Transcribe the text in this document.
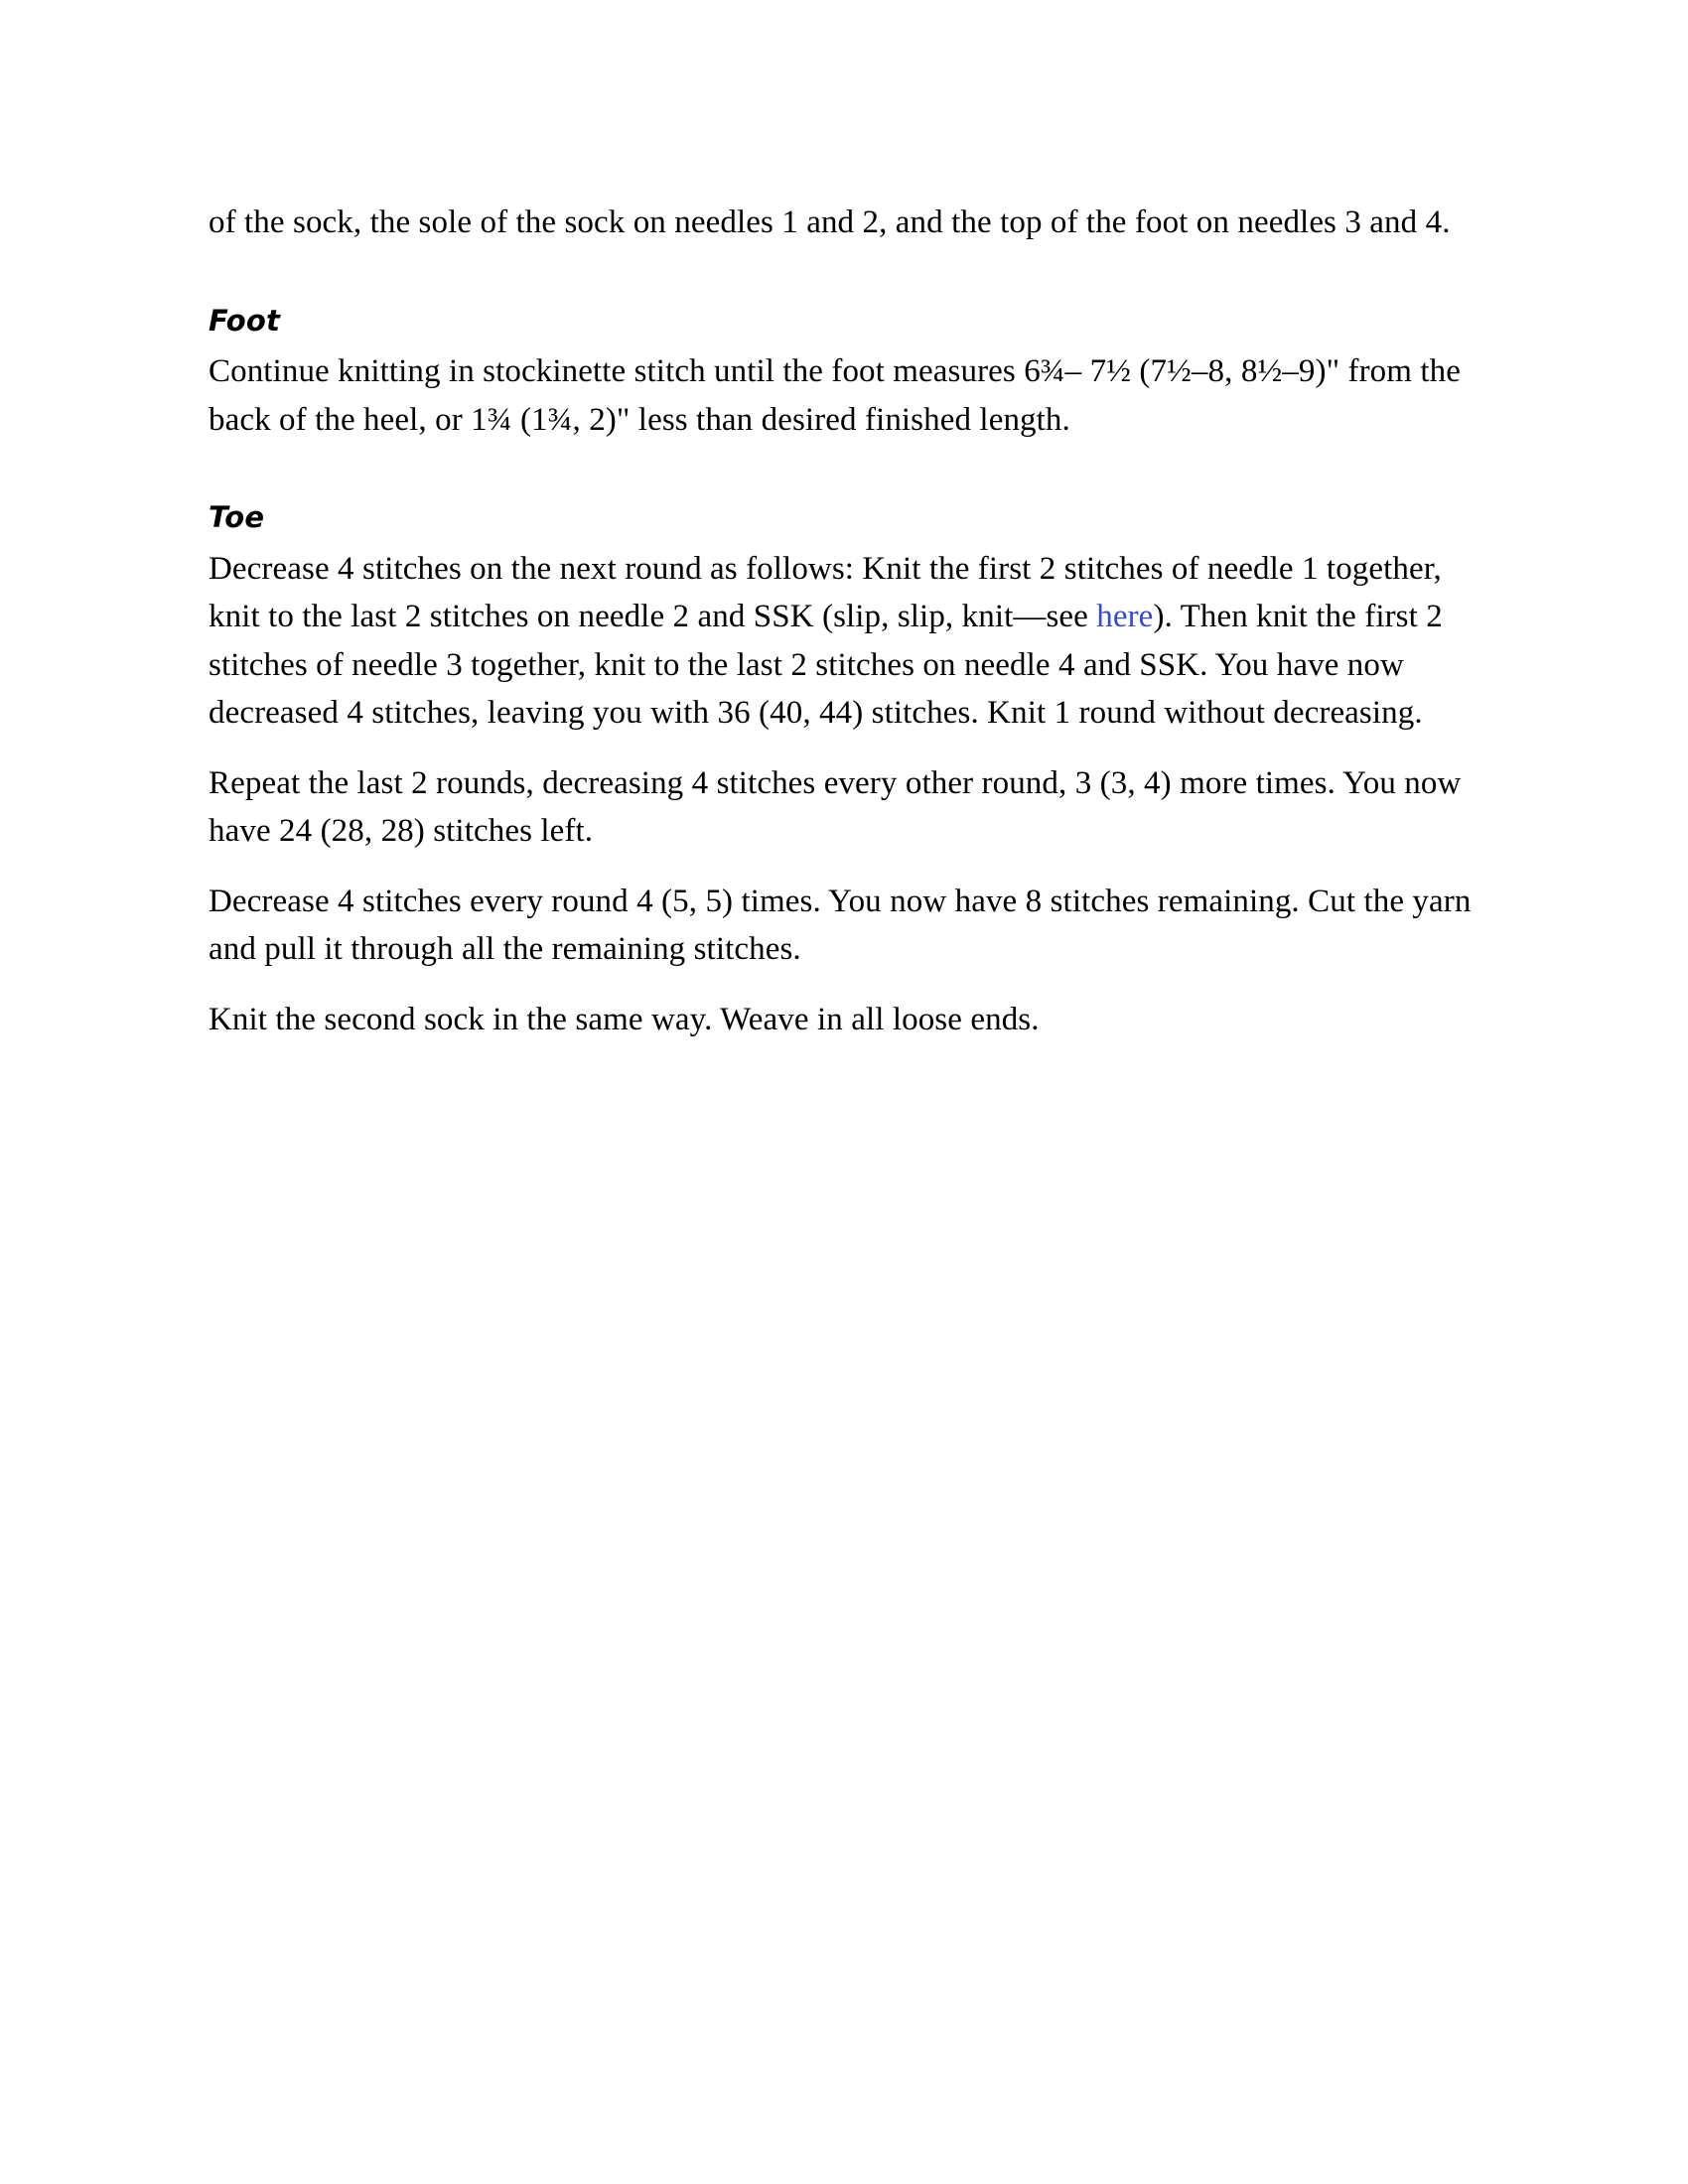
of the sock, the sole of the sock on needles 1 and 2, and the top of the foot on needles 3 and 4.

Foot

Continue knitting in stockinette stitch until the foot measures 6¾– 7½ (7½–8, 8½–9)" from the back of the heel, or 1¾ (1¾, 2)" less than desired finished length.

Toe

Decrease 4 stitches on the next round as follows: Knit the first 2 stitches of needle 1 together, knit to the last 2 stitches on needle 2 and SSK (slip, slip, knit—see here). Then knit the first 2 stitches of needle 3 together, knit to the last 2 stitches on needle 4 and SSK. You have now decreased 4 stitches, leaving you with 36 (40, 44) stitches. Knit 1 round without decreasing.

Repeat the last 2 rounds, decreasing 4 stitches every other round, 3 (3, 4) more times. You now have 24 (28, 28) stitches left.

Decrease 4 stitches every round 4 (5, 5) times. You now have 8 stitches remaining. Cut the yarn and pull it through all the remaining stitches.

Knit the second sock in the same way. Weave in all loose ends.
